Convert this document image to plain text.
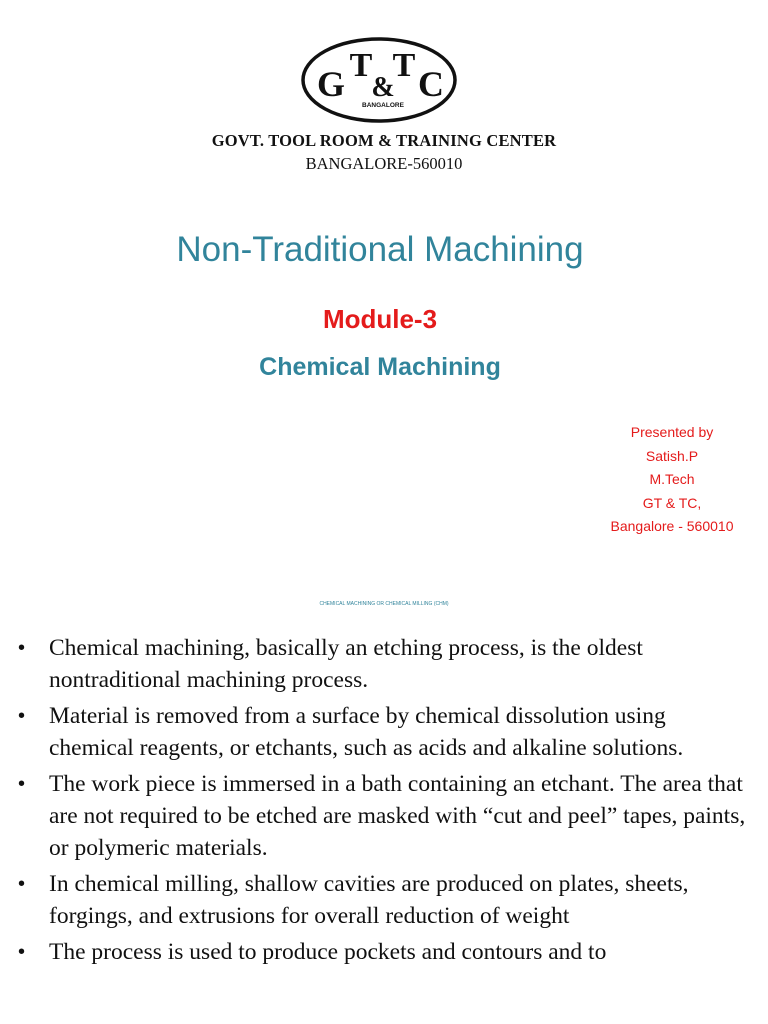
G T
&
T C
BANGALORE
GOVT. TOOL ROOM & TRAINING CENTER
BANGALORE-560010
Non-Traditional Machining
Module-3
Chemical Machining
Presented by
Satish.P
M.Tech
GT & TC,
Bangalore - 560010
CHEMICAL MACHINING OR CHEMICAL MILLING (CHM)
• Chemical machining, basically an etching process, is the oldest nontraditional machining process.
• Material is removed from a surface by chemical dissolution using chemical reagents, or etchants, such as acids and alkaline solutions.
• The work piece is immersed in a bath containing an etchant. The area that are not required to be etched are masked with “cut and peel” tapes, paints, or polymeric materials.
• In chemical milling, shallow cavities are produced on plates, sheets, forgings, and extrusions for overall reduction of weight
• The process is used to produce pockets and contours and to
